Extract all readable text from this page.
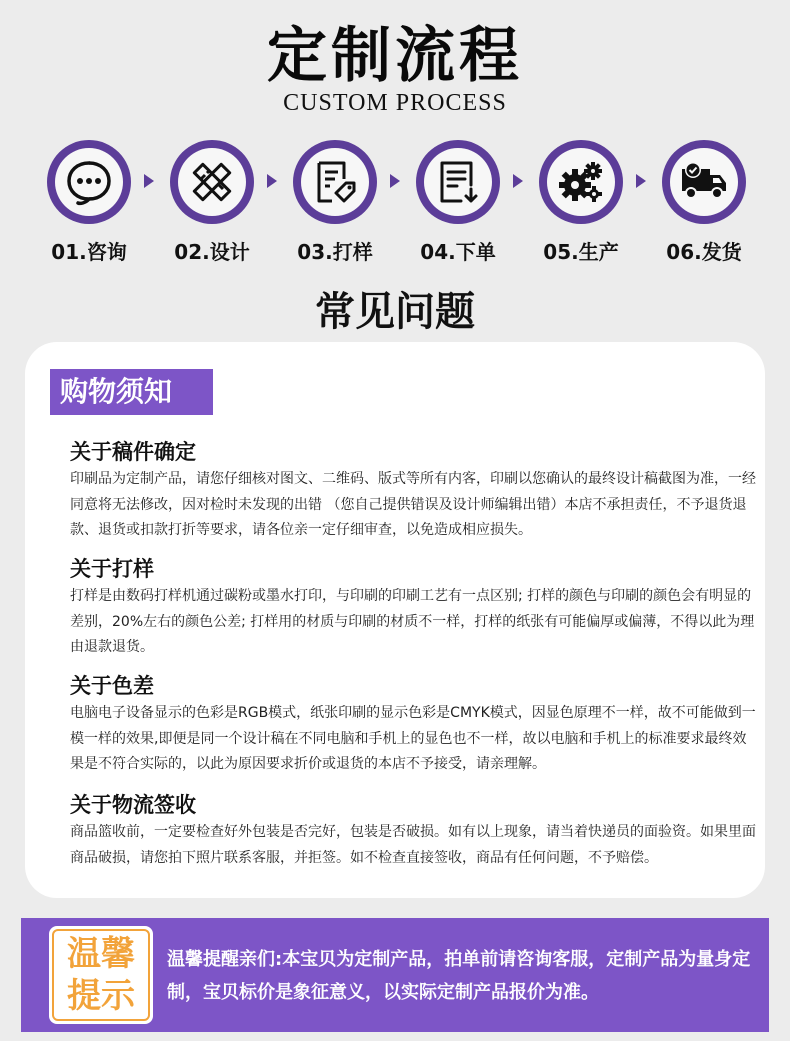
定制流程
CUSTOM PROCESS
01.咨询	02.设计	03.打样	04.下单	05.生产	06.发货
常见问题
购物须知
关于稿件确定

印刷品为定制产品，请您仔细核对图文、二维码、版式等所有内客，印刷以您确认的最终设计稿截图为准，一经同意将无法修改，因对检时未发现的出错 （您自己提供错误及设计师编辑出错）本店不承担责任，不予退货退款、退货或扣款打折等要求，请各位亲一定仔细审查，以免造成相应损失。

关于打样

打样是由数码打样机通过碳粉或墨水打印，与印刷的印刷工艺有一点区别; 打样的颜色与印刷的颜色会有明显的差别，20%左右的颜色公差; 打样用的材质与印刷的材质不一样，打样的纸张有可能偏厚或偏薄，不得以此为理由退款退货。

关于色差

电脑电子设备显示的色彩是RGB模式，纸张印刷的显示色彩是CMYK模式，因显色原理不一样，故不可能做到一模一样的效果,即便是同一个设计稿在不同电脑和手机上的显色也不一样，故以电脑和手机上的标准要求最终效果是不符合实际的，以此为原因要求折价或退货的本店不予接受，请亲理解。

关于物流签收

商品篮收前，一定要检查好外包装是否完好，包装是否破损。如有以上现象，请当着快递员的面验资。如果里面商品破损，请您拍下照片联系客服，并拒签。如不检查直接签收，商品有任何问题，不予赔偿。

温馨
提示
温馨提醒亲们:本宝贝为定制产品，拍单前请咨询客服，定制产品为量身定制，宝贝标价是象征意义，以实际定制产品报价为准。
